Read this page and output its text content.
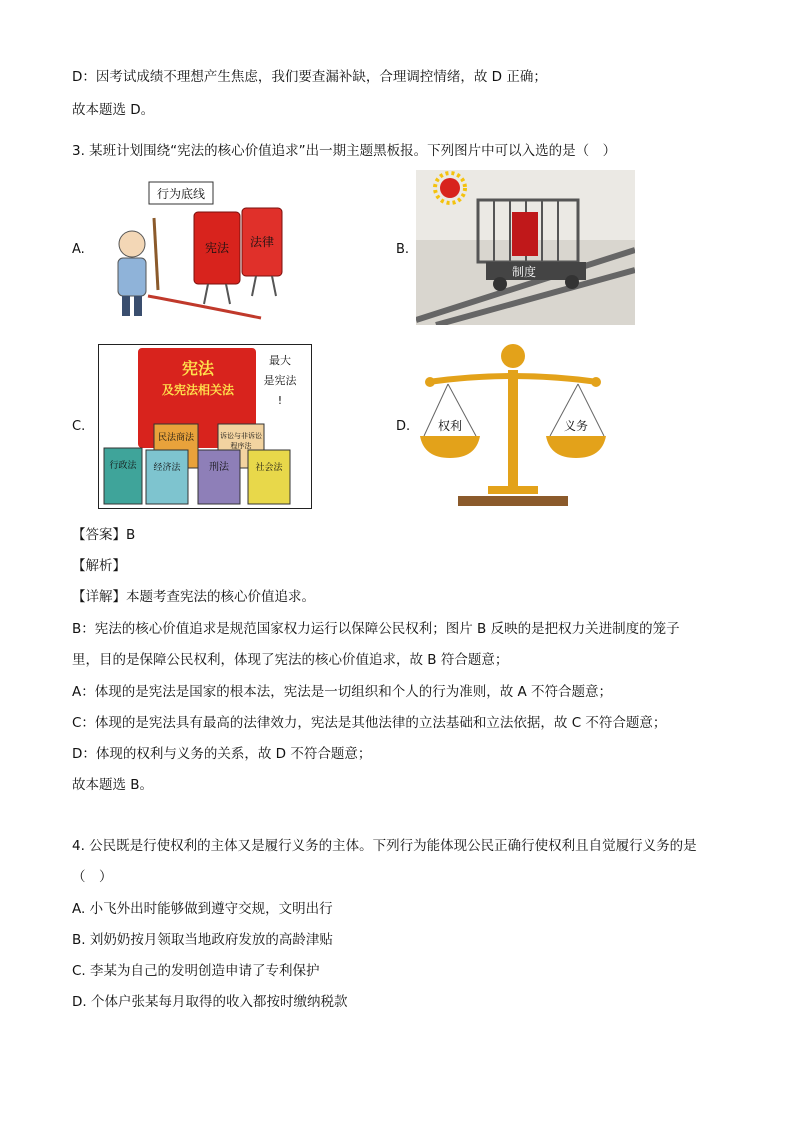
D：因考试成绩不理想产生焦虑，我们要查漏补缺，合理调控情绪，故 D 正确；
故本题选 D。
3. 某班计划围绕“宪法的核心价值追求”出一期主题黑板报。下列图片中可以入选的是（　）
A.
行为底线
宪法 法律	B.
制度
C.
宪法
及宪法相关法
最大
是宪法
!
民法商法	诉讼与非诉讼
程序法
行政法 经济法	刑法	社会法
D. 权利	义务
【答案】B
【解析】
【详解】本题考查宪法的核心价值追求。
B：宪法的核心价值追求是规范国家权力运行以保障公民权利；图片 B 反映的是把权力关进制度的笼子
里，目的是保障公民权利，体现了宪法的核心价值追求，故 B 符合题意；
A：体现的是宪法是国家的根本法，宪法是一切组织和个人的行为准则，故 A 不符合题意；
C：体现的是宪法具有最高的法律效力，宪法是其他法律的立法基础和立法依据，故 C 不符合题意；
D：体现的权利与义务的关系，故 D 不符合题意；
故本题选 B。
4. 公民既是行使权利的主体又是履行义务的主体。下列行为能体现公民正确行使权利且自觉履行义务的是
（　）
A. 小飞外出时能够做到遵守交规，文明出行
B. 刘奶奶按月领取当地政府发放的高龄津贴
C. 李某为自己的发明创造申请了专利保护
D. 个体户张某每月取得的收入都按时缴纳税款
